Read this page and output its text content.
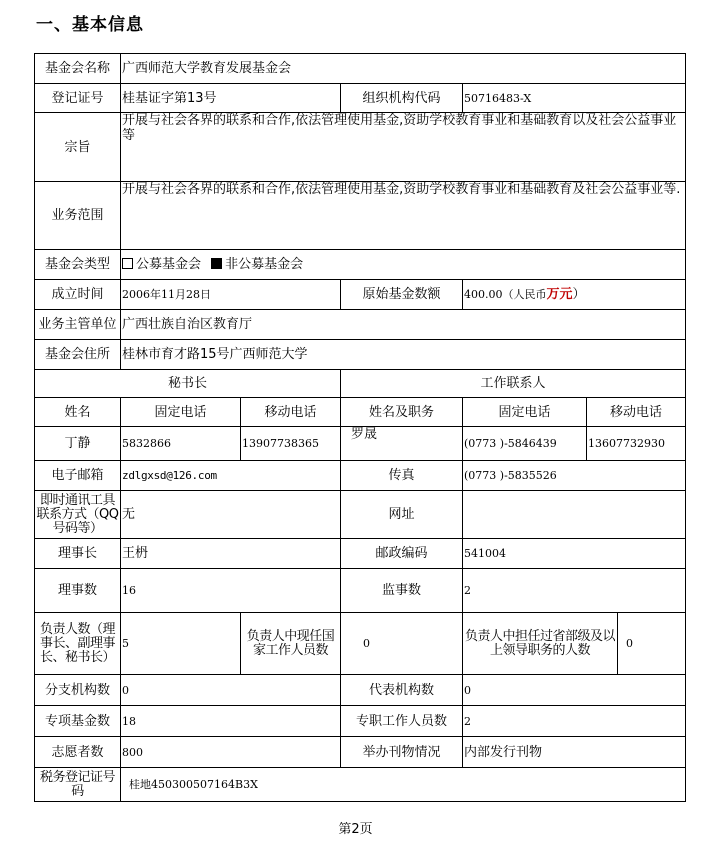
一、基本信息
基金会名称	广西师范大学教育发展基金会					
登记证号	桂基证字第13号		组织机构代码	50716483-X		
宗旨	开展与社会各界的联系和合作,依法管理使用基金,资助学校教育事业和基础教育以及社会公益事业等					
业务范围	开展与社会各界的联系和合作,依法管理使用基金,资助学校教育事业和基础教育及社会公益事业等.					
基金会类型	公募基金会 非公募基金会					
成立时间	2006年11月28日		原始基金数额	400.00（人民币万元）		
业务主管单位	广西壮族自治区教育厅					
基金会住所	桂林市育才路15号广西师范大学					
秘书长			工作联系人			
姓名	固定电话	移动电话	姓名及职务	固定电话	移动电话	
丁静	5832866	13907738365	罗晟	(0773 )-5846439	13607732930	
电子邮箱	zdlgxsd@126.com		传真	(0773 )-5835526		
即时通讯工具联系方式（QQ号码等）	无		网址			
理事长	王枬		邮政编码	541004		
理事数	16		监事数	2		
负责人数（理事长、副理事长、秘书长）	5	负责人中现任国家工作人员数	0	负责人中担任过省部级及以上领导职务的人数		0
分支机构数	0		代表机构数	0		
专项基金数	18		专职工作人员数	2		
志愿者数	800		举办刊物情况	内部发行刊物		
税务登记证号码	桂地450300507164B3X					
第2页
